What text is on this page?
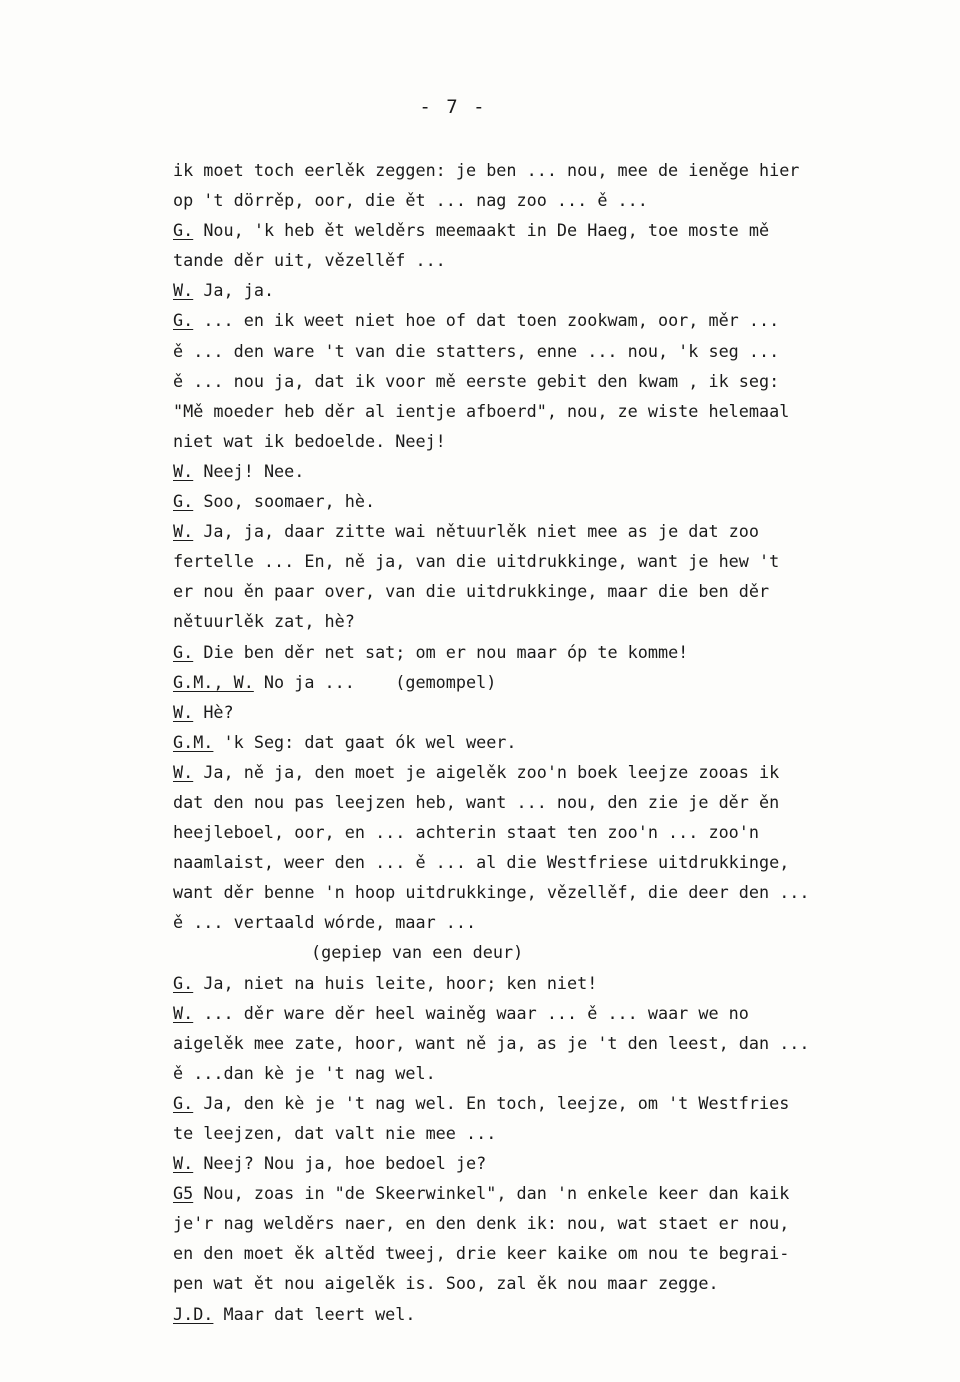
- 7 -
ik moet toch eerlěk zeggen: je ben ... nou, mee de ieněge hier
op 't dörrěp, oor, die ět ... nag zoo ... ě ...
G. Nou, 'k heb ět welděrs meemaakt in De Haeg, toe moste mě
tande děr uit, vězellěf ...
W. Ja, ja.
G. ... en ik weet niet hoe of dat toen zookwam, oor, měr ...
ě ... den ware 't van die statters, enne ... nou, 'k seg ...
ě ... nou ja, dat ik voor mě eerste gebit den kwam , ik seg:
"Mě moeder heb děr al ientje afboerd", nou, ze wiste helemaal
niet wat ik bedoelde. Neej!
W. Neej! Nee.
G. Soo, soomaer, hè.
W. Ja, ja, daar zitte wai nětuurlěk niet mee as je dat zoo
fertelle ... En, ně ja, van die uitdrukkinge, want je hew 't
er nou ěn paar over, van die uitdrukkinge, maar die ben děr
nětuurlěk zat, hè?
G. Die ben děr net sat; om er nou maar óp te komme!
G.M., W. No ja ...    (gemompel)
W. Hè?
G.M. 'k Seg: dat gaat ók wel weer.
W. Ja, ně ja, den moet je aigelěk zoo'n boek leejze zooas ik
dat den nou pas leejzen heb, want ... nou, den zie je děr ěn
heejleboel, oor, en ... achterin staat ten zoo'n ... zoo'n
naamlaist, weer den ... ě ... al die Westfriese uitdrukkinge,
want děr benne 'n hoop uitdrukkinge, vězellěf, die deer den ...
ě ... vertaald wórde, maar ...
(gepiep van een deur)
G. Ja, niet na huis leite, hoor; ken niet!
W. ... děr ware děr heel wainěg waar ... ě ... waar we no
aigelěk mee zate, hoor, want ně ja, as je 't den leest, dan ...
ě ...dan kè je 't nag wel.
G. Ja, den kè je 't nag wel. En toch, leejze, om 't Westfries
te leejzen, dat valt nie mee ...
W. Neej? Nou ja, hoe bedoel je?
G5 Nou, zoas in "de Skeerwinkel", dan 'n enkele keer dan kaik
je'r nag welděrs naer, en den denk ik: nou, wat staet er nou,
en den moet ěk altěd tweej, drie keer kaike om nou te begrai-
pen wat ět nou aigelěk is. Soo, zal ěk nou maar zegge.
J.D. Maar dat leert wel.
